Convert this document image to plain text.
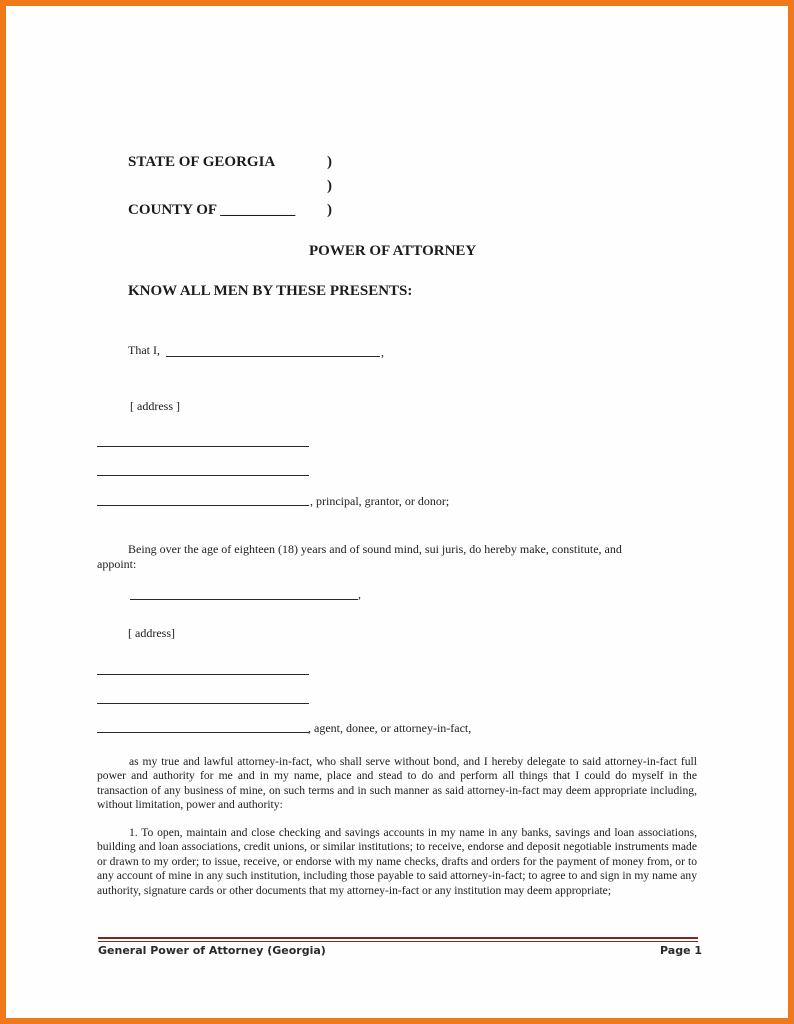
STATE OF GEORGIA	)
)
COUNTY OF __________ )
POWER OF ATTORNEY
KNOW ALL MEN BY THESE PRESENTS:
That I,	,
[ address ]
, principal, grantor, or donor;
Being over the age of eighteen (18) years and of sound mind, sui juris, do hereby make, constitute, and
appoint:
,
[ address]
, agent, donee, or attorney-in-fact,
as my true and lawful attorney-in-fact, who shall serve without bond, and I hereby delegate to said attorney-in-fact full power and authority for me and in my name, place and stead to do and perform all things that I could do myself in the transaction of any business of mine, on such terms and in such manner as said attorney-in-fact may deem appropriate including, without limitation, power and authority:
1. To open, maintain and close checking and savings accounts in my name in any banks, savings and loan associations, building and loan associations, credit unions, or similar institutions; to receive, endorse and deposit negotiable instruments made or drawn to my order; to issue, receive, or endorse with my name checks, drafts and orders for the payment of money from, or to any account of mine in any such institution, including those payable to said attorney-in-fact; to agree to and sign in my name any authority, signature cards or other documents that my attorney-in-fact or any institution may deem appropriate;
General Power of Attorney (Georgia)	Page 1
